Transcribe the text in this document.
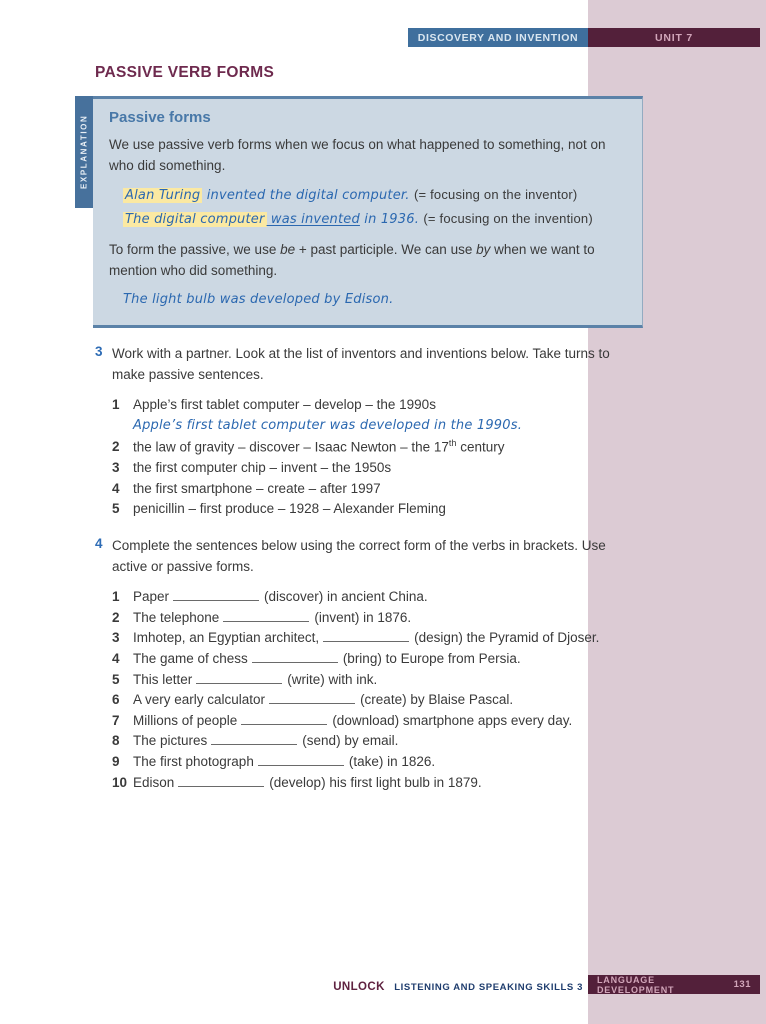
DISCOVERY AND INVENTION	UNIT 7
PASSIVE VERB FORMS
EXPLANATION	Passive forms
We use passive verb forms when we focus on what happened to something, not on who did something.
Alan Turing invented the digital computer. (= focusing on the inventor)
The digital computer was invented in 1936. (= focusing on the invention)
To form the passive, we use be + past participle. We can use by when we want to mention who did something.
The light bulb was developed by Edison.
3 Work with a partner. Look at the list of inventors and inventions below. Take turns to make passive sentences.
1 Apple’s first tablet computer – develop – the 1990s
Apple’s first tablet computer was developed in the 1990s.
2 the law of gravity – discover – Isaac Newton – the 17th century
3 the first computer chip – invent – the 1950s
4 the first smartphone – create – after 1997
5 penicillin – first produce – 1928 – Alexander Fleming
4 Complete the sentences below using the correct form of the verbs in brackets. Use active or passive forms.
1 Paper	(discover) in ancient China.
2 The telephone	(invent) in 1876.
3 Imhotep, an Egyptian architect,	(design) the Pyramid of Djoser.
4 The game of chess	(bring) to Europe from Persia.
5 This letter	(write) with ink.
6 A very early calculator	(create) by Blaise Pascal.
7 Millions of people	(download) smartphone apps every day.
8 The pictures	(send) by email.
9 The first photograph	(take) in 1826.
10 Edison	(develop) his first light bulb in 1879.
UNLOCK LISTENING AND SPEAKING SKILLS 3
LANGUAGE DEVELOPMENT	131
